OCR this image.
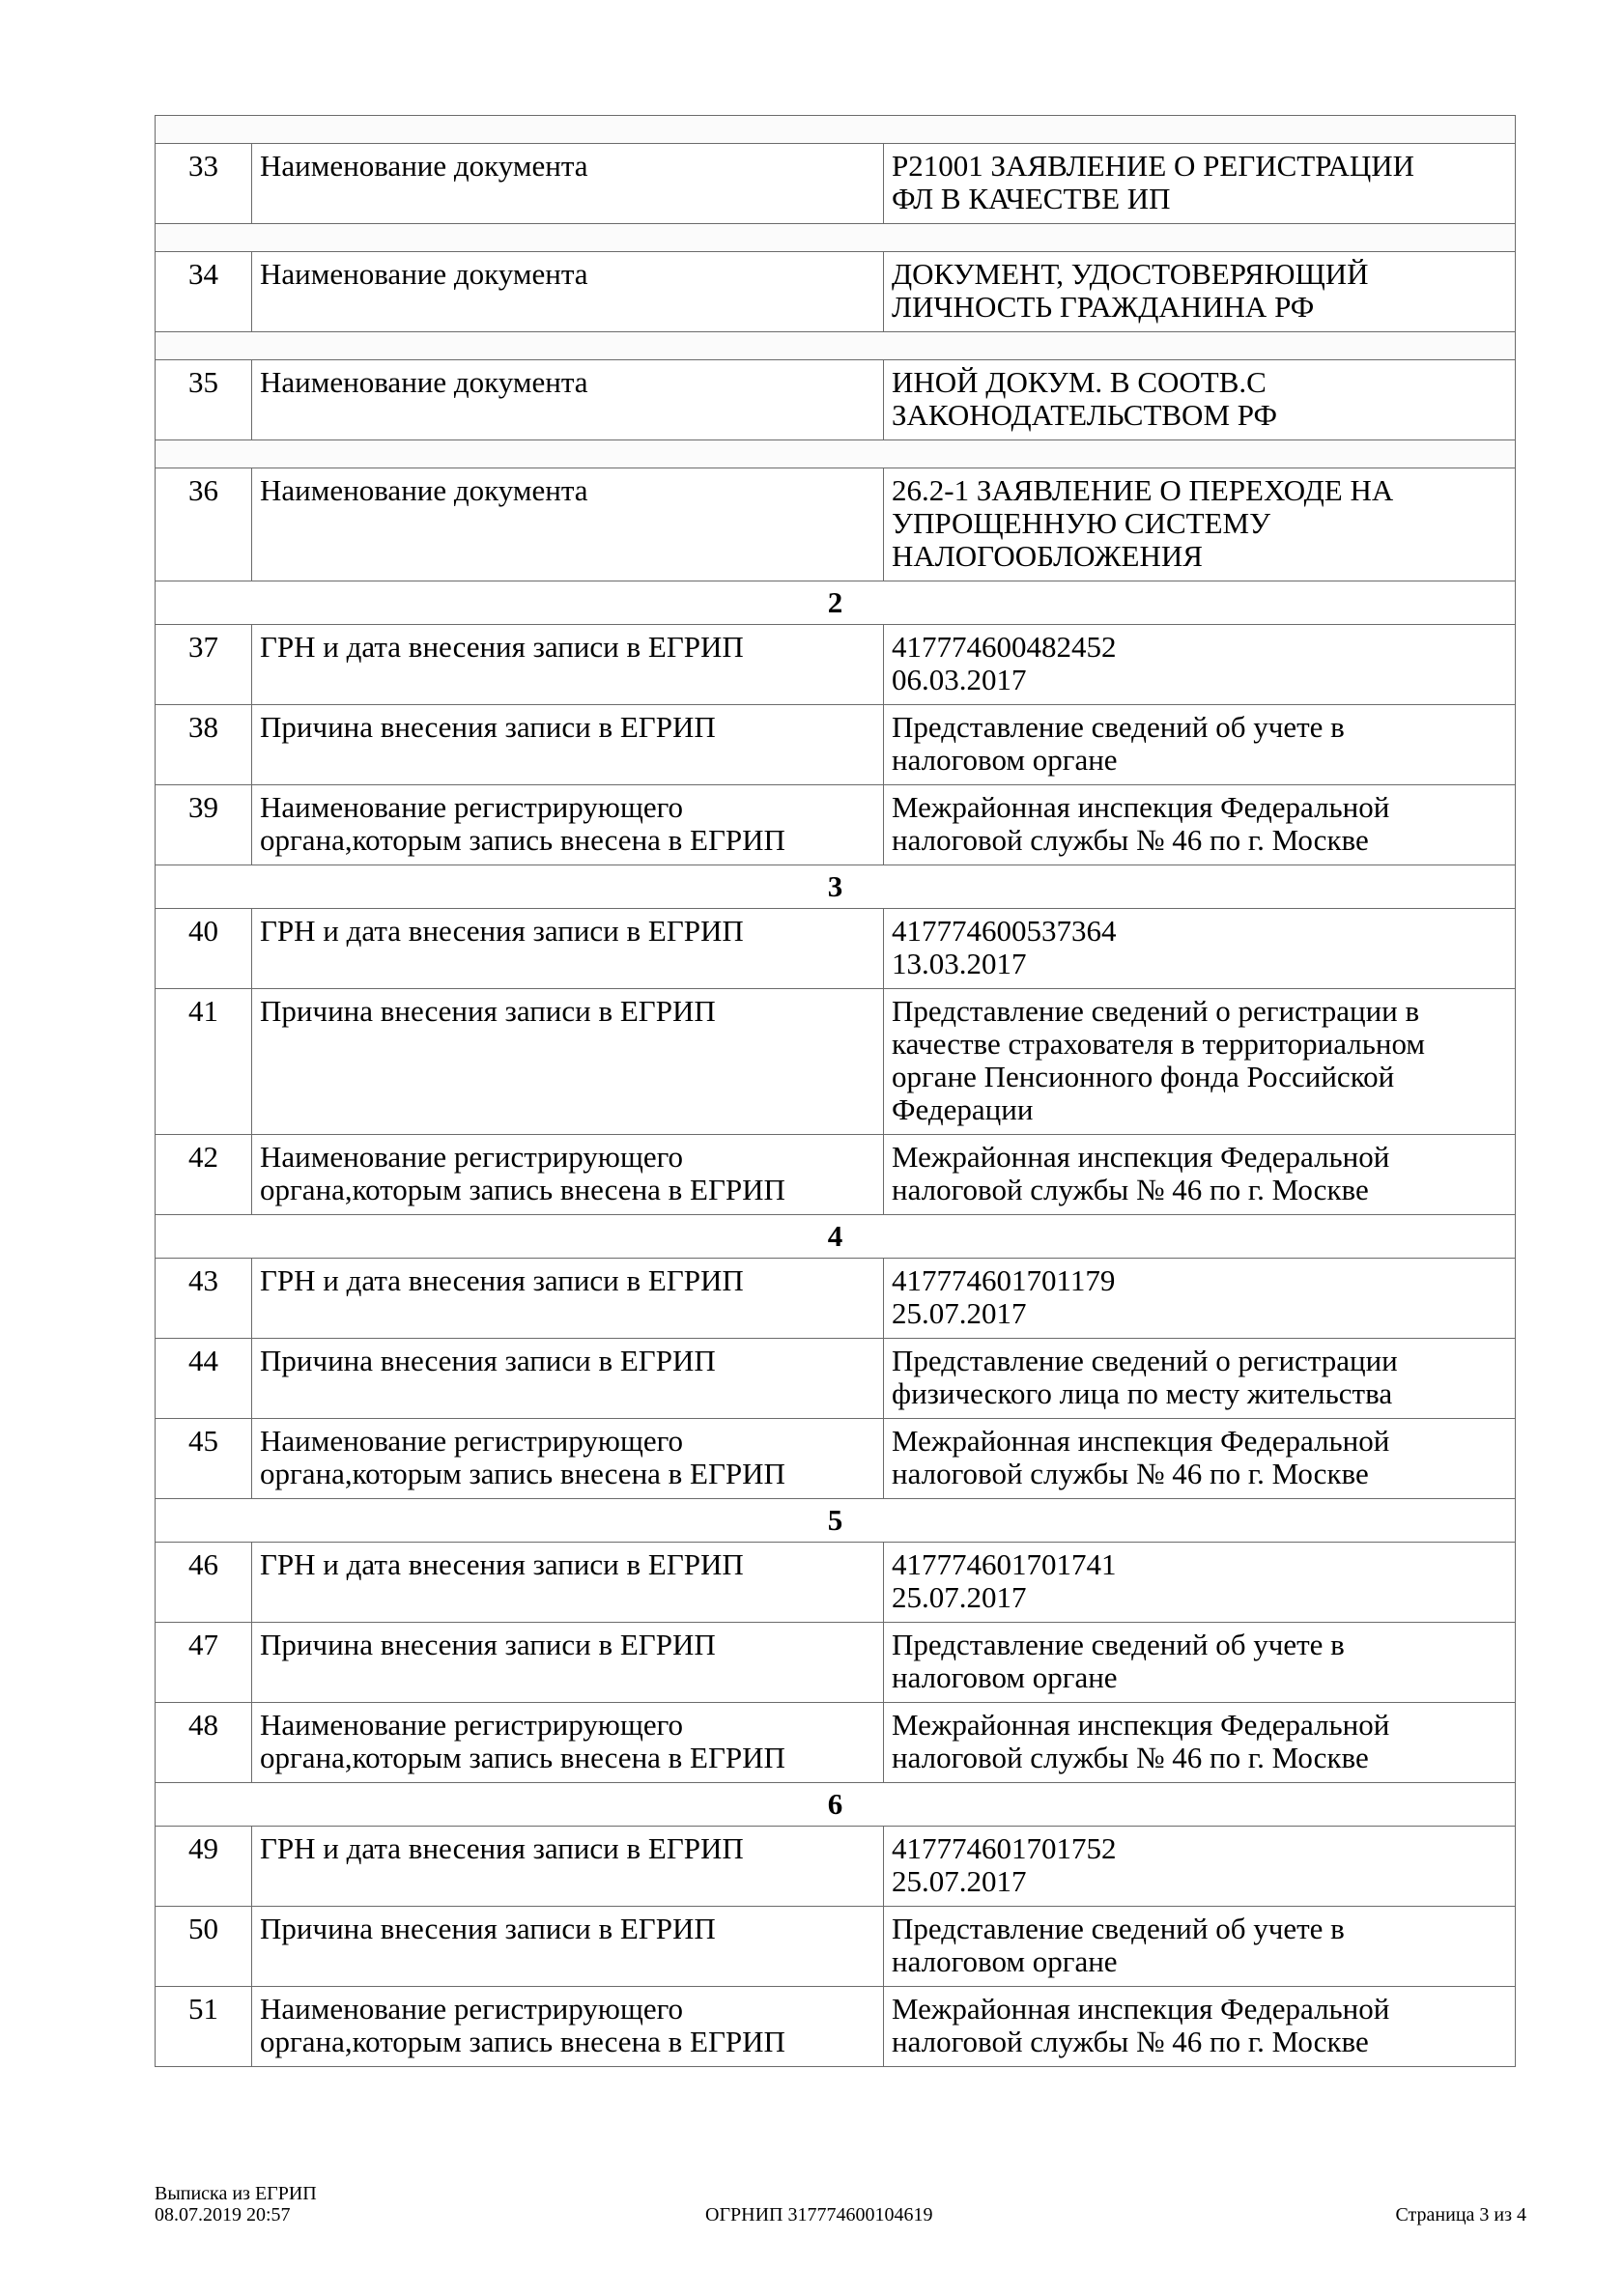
33	Наименование документа	Р21001 ЗАЯВЛЕНИЕ О РЕГИСТРАЦИИ
ФЛ В КАЧЕСТВЕ ИП

34	Наименование документа	ДОКУМЕНТ, УДОСТОВЕРЯЮЩИЙ
ЛИЧНОСТЬ ГРАЖДАНИНА РФ

35	Наименование документа	ИНОЙ ДОКУМ. В СООТВ.С
ЗАКОНОДАТЕЛЬСТВОМ РФ

36	Наименование документа	26.2-1 ЗАЯВЛЕНИЕ О ПЕРЕХОДЕ НА
УПРОЩЕННУЮ СИСТЕМУ
НАЛОГООБЛОЖЕНИЯ

2		
37	ГРН и дата внесения записи в ЕГРИП	417774600482452
06.03.2017

38	Причина внесения записи в ЕГРИП	Представление сведений об учете в
налоговом органе

39	Наименование регистрирующего органа,которым запись внесена в ЕГРИП	Межрайонная инспекция Федеральной
налоговой службы № 46 по г. Москве

3		
40	ГРН и дата внесения записи в ЕГРИП	417774600537364
13.03.2017

41	Причина внесения записи в ЕГРИП	Представление сведений о регистрации в
качестве страхователя в территориальном
органе Пенсионного фонда Российской
Федерации

42	Наименование регистрирующего органа,которым запись внесена в ЕГРИП	Межрайонная инспекция Федеральной
налоговой службы № 46 по г. Москве

4		
43	ГРН и дата внесения записи в ЕГРИП	417774601701179
25.07.2017

44	Причина внесения записи в ЕГРИП	Представление сведений о регистрации
физического лица по месту жительства

45	Наименование регистрирующего органа,которым запись внесена в ЕГРИП	Межрайонная инспекция Федеральной
налоговой службы № 46 по г. Москве

5		
46	ГРН и дата внесения записи в ЕГРИП	417774601701741
25.07.2017

47	Причина внесения записи в ЕГРИП	Представление сведений об учете в
налоговом органе

48	Наименование регистрирующего органа,которым запись внесена в ЕГРИП	Межрайонная инспекция Федеральной
налоговой службы № 46 по г. Москве

6		
49	ГРН и дата внесения записи в ЕГРИП	417774601701752
25.07.2017

50	Причина внесения записи в ЕГРИП	Представление сведений об учете в
налоговом органе

51	Наименование регистрирующего органа,которым запись внесена в ЕГРИП	Межрайонная инспекция Федеральной
налоговой службы № 46 по г. Москве
Выписка из ЕГРИП
08.07.2019 20:57	ОГРНИП 317774600104619	Страница 3 из 4
